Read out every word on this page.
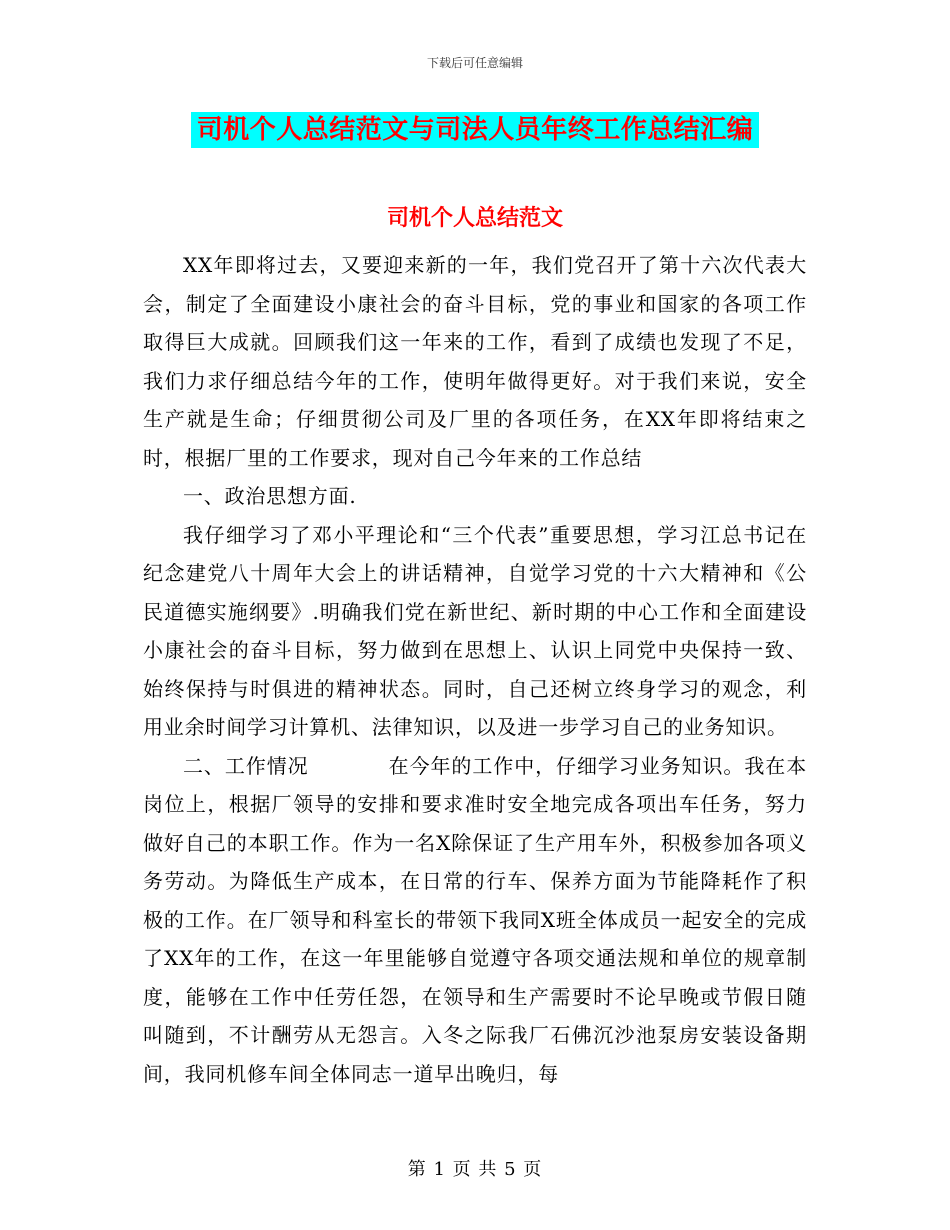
下载后可任意编辑
司机个人总结范文与司法人员年终工作总结汇编
司机个人总结范文

XX年即将过去，又要迎来新的一年，我们党召开了第十六次代表大会，制定了全面建设小康社会的奋斗目标，党的事业和国家的各项工作取得巨大成就。回顾我们这一年来的工作，看到了成绩也发现了不足，我们力求仔细总结今年的工作，使明年做得更好。对于我们来说，安全生产就是生命；仔细贯彻公司及厂里的各项任务，在XX年即将结束之时，根据厂里的工作要求，现对自己今年来的工作总结

一、政治思想方面.

我仔细学习了邓小平理论和“三个代表”重要思想，学习江总书记在纪念建党八十周年大会上的讲话精神，自觉学习党的十六大精神和《公民道德实施纲要》.明确我们党在新世纪、新时期的中心工作和全面建设小康社会的奋斗目标，努力做到在思想上、认识上同党中央保持一致、始终保持与时俱进的精神状态。同时，自己还树立终身学习的观念，利用业余时间学习计算机、法律知识，以及进一步学习自己的业务知识。

二、工作情况	在今年的工作中，仔细学习业务知识。我在本岗位上，根据厂领导的安排和要求准时安全地完成各项出车任务，努力做好自己的本职工作。作为一名X除保证了生产用车外，积极参加各项义务劳动。为降低生产成本，在日常的行车、保养方面为节能降耗作了积极的工作。在厂领导和科室长的带领下我同X班全体成员一起安全的完成了XX年的工作，在这一年里能够自觉遵守各项交通法规和单位的规章制度，能够在工作中任劳任怨，在领导和生产需要时不论早晚或节假日随叫随到，不计酬劳从无怨言。入冬之际我厂石佛沉沙池泵房安装设备期间，我同机修车间全体同志一道早出晚归，每

第 1 页 共 5 页
